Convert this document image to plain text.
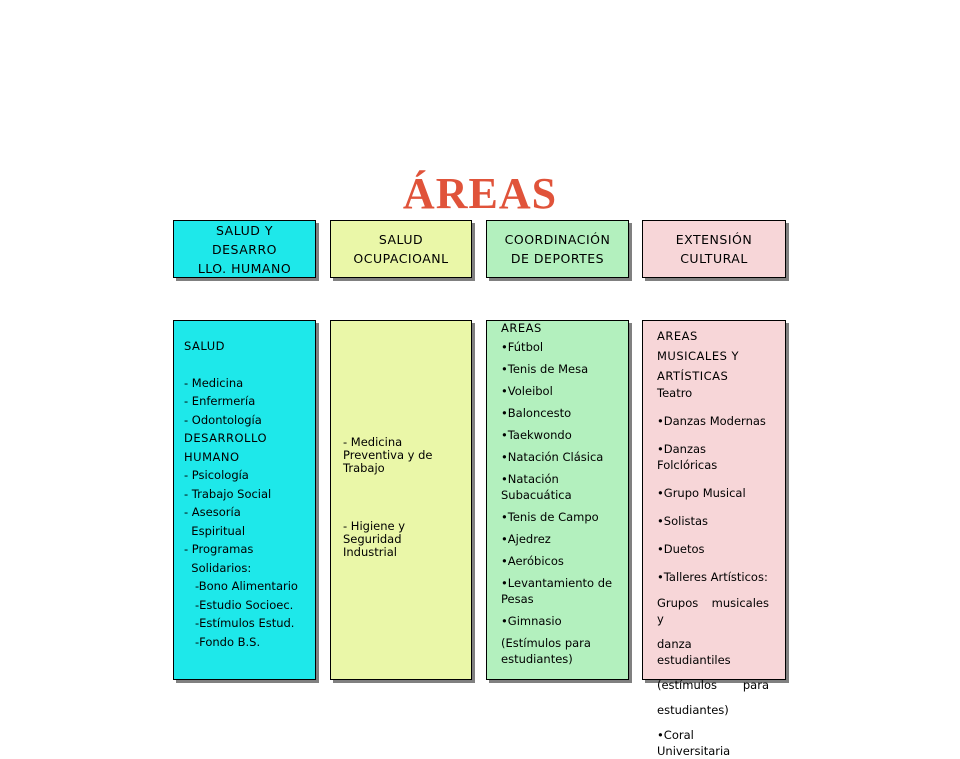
ÁREAS
SALUD Y
DESARRO
LLO. HUMANO
SALUD
OCUPACIOANL
COORDINACIÓN
DE DEPORTES
EXTENSIÓN
CULTURAL
SALUD
- Medicina
- Enfermería
- Odontología
DESARROLLO
HUMANO
- Psicología
- Trabajo Social
- Asesoría
Espiritual
- Programas
Solidarios:
-Bono Alimentario
-Estudio Socioec.
-Estímulos Estud.
-Fondo B.S.
- Medicina
Preventiva y de
Trabajo
- Higiene y
Seguridad
Industrial
AREAS
•Fútbol
•Tenis de Mesa
•Voleibol
•Baloncesto
•Taekwondo
•Natación Clásica
•Natación Subacuática
•Tenis de Campo
•Ajedrez
•Aeróbicos
•Levantamiento de Pesas
•Gimnasio
(Estímulos para estudiantes)
AREAS
MUSICALES Y
ARTÍSTICAS
Teatro
•Danzas Modernas
•Danzas Folclóricas
•Grupo Musical
•Solistas
•Duetos
•Talleres Artísticos:
Grupos musicales y
danza estudiantiles
(estímulos para
estudiantes)
•Coral Universitaria
